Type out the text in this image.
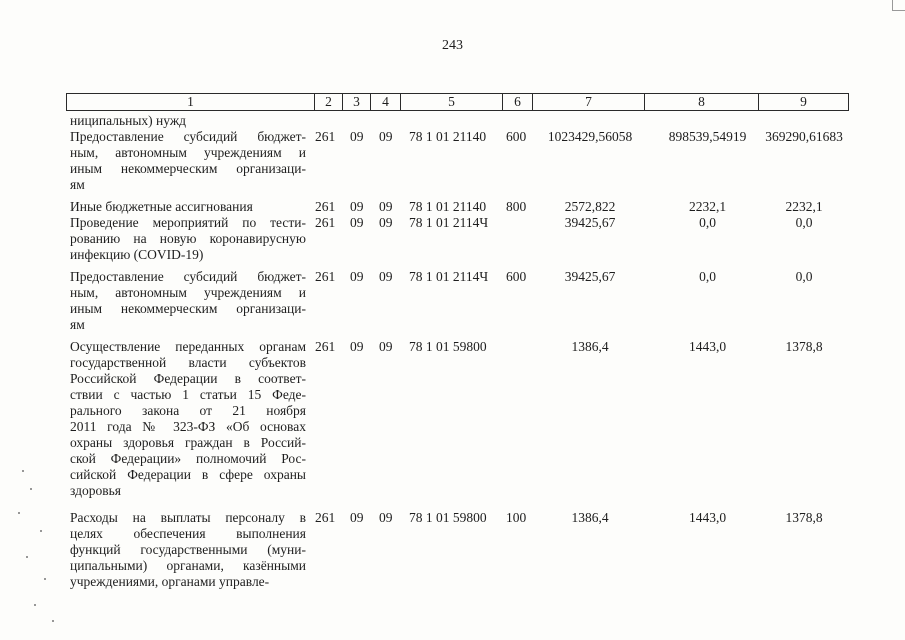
243
1	2	3	4	5	6	7	8	9
ниципальных) нужд
Предоставление субсидий бюджет-
ным, автономным учреждениям и
иным некоммерческим организаци-
ям
261 09 09 78 1 01 21140 600	1023429,56058	898539,54919	369290,61683
Иные бюджетные ассигнования	261 09 09 78 1 01 21140 800	2572,822	2232,1	2232,1
Проведение мероприятий по тести-
рованию на новую коронавирусную
инфекцию (COVID-19)
261 09 09 78 1 01 2114Ч	39425,67	0,0	0,0
Предоставление субсидий бюджет-
ным, автономным учреждениям и
иным некоммерческим организаци-
ям
261 09 09 78 1 01 2114Ч 600	39425,67	0,0	0,0
Осуществление переданных органам
государственной власти субъектов
Российской Федерации в соответ-
ствии с частью 1 статьи 15 Феде-
рального закона от 21 ноября
2011 года № 323-ФЗ «Об основах
охраны здоровья граждан в Россий-
ской Федерации» полномочий Рос-
сийской Федерации в сфере охраны
здоровья
261 09 09 78 1 01 59800	1386,4	1443,0	1378,8
Расходы на выплаты персоналу в
целях обеспечения выполнения
функций государственными (муни-
ципальными) органами, казёнными
учреждениями, органами управле-
261 09 09 78 1 01 59800 100	1386,4	1443,0	1378,8
